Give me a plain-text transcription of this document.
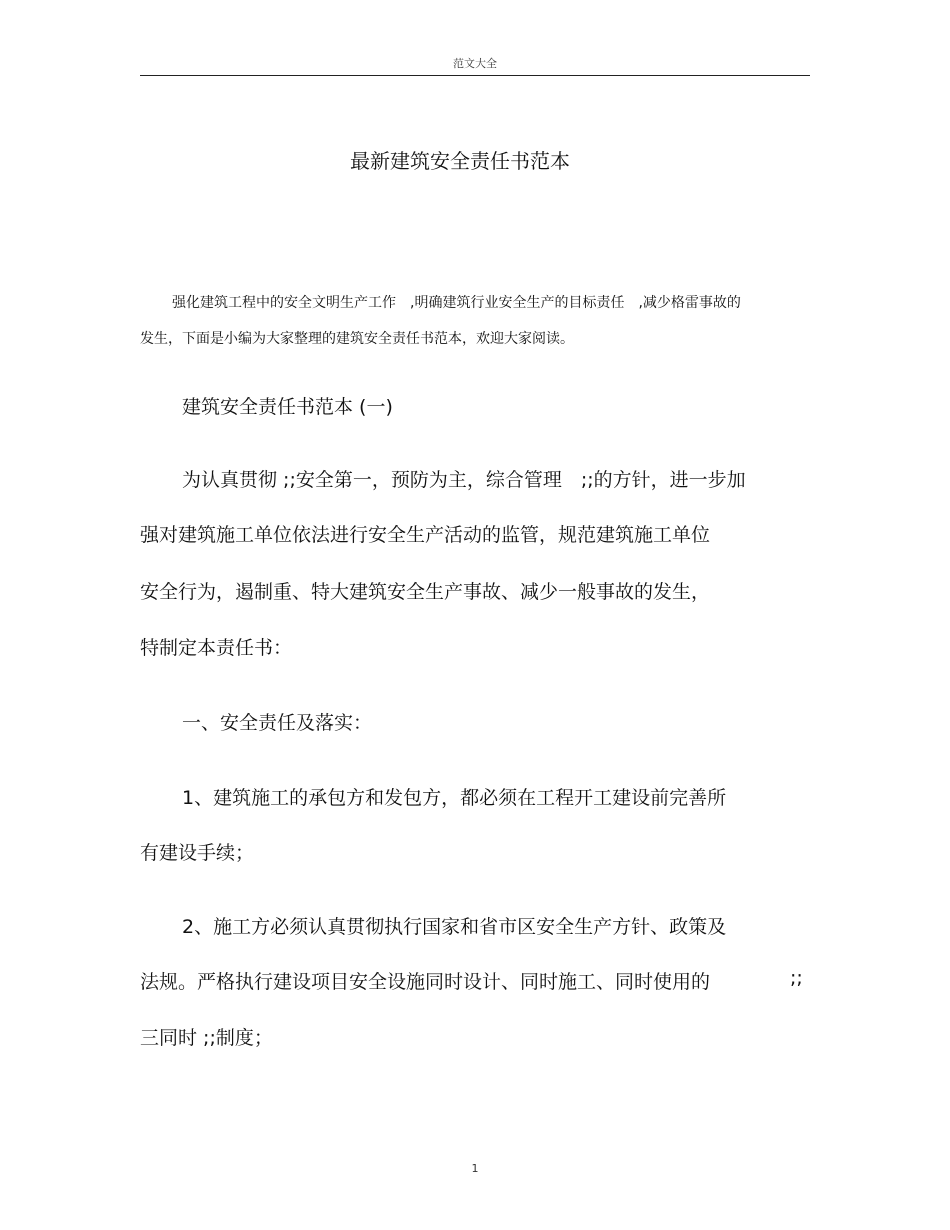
范文大全
最新建筑安全责任书范本
强化建筑工程中的安全文明生产工作　,明确建筑行业安全生产的目标责任　,减少格雷事故的
发生，下面是小编为大家整理的建筑安全责任书范本，欢迎大家阅读。
建筑安全责任书范本 (一)
为认真贯彻 ;;安全第一，预防为主，综合管理　;;的方针，进一步加
强对建筑施工单位依法进行安全生产活动的监管，规范建筑施工单位
安全行为，遏制重、特大建筑安全生产事故、减少一般事故的发生，
特制定本责任书：
一、安全责任及落实：
1、建筑施工的承包方和发包方，都必须在工程开工建设前完善所
有建设手续；
2、施工方必须认真贯彻执行国家和省市区安全生产方针、政策及
法规。严格执行建设项目安全设施同时设计、同时施工、同时使用的	;;
三同时 ;;制度；
1
